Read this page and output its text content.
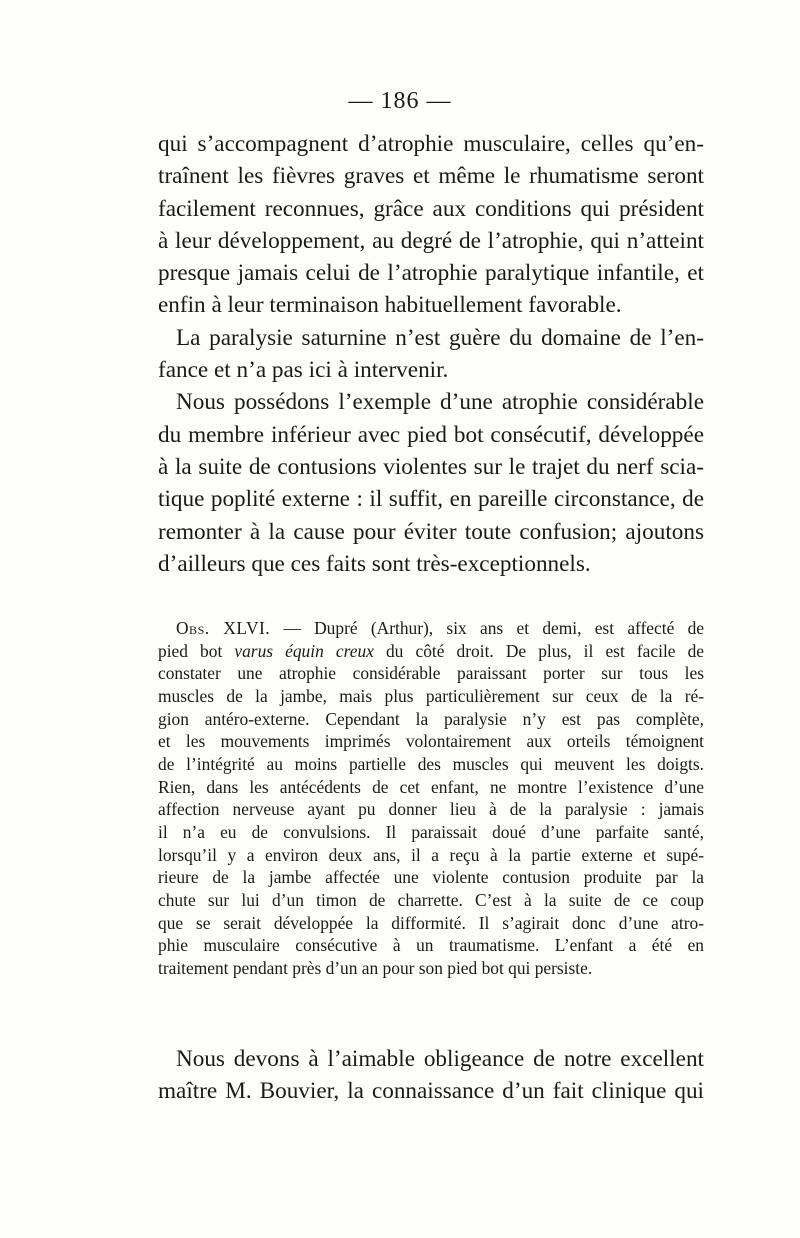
— 186 —

qui s’accompagnent d’atrophie musculaire, celles qu’en-
traînent les fièvres graves et même le rhumatisme seront
facilement reconnues, grâce aux conditions qui président
à leur développement, au degré de l’atrophie, qui n’atteint
presque jamais celui de l’atrophie paralytique infantile, et
enfin à leur terminaison habituellement favorable.
La paralysie saturnine n’est guère du domaine de l’en-
fance et n’a pas ici à intervenir.
Nous possédons l’exemple d’une atrophie considérable
du membre inférieur avec pied bot consécutif, développée
à la suite de contusions violentes sur le trajet du nerf scia-
tique poplité externe : il suffit, en pareille circonstance, de
remonter à la cause pour éviter toute confusion; ajoutons
d’ailleurs que ces faits sont très-exceptionnels.
Obs. XLVI. — Dupré (Arthur), six ans et demi, est affecté de
pied bot varus équin creux du côté droit. De plus, il est facile de
constater une atrophie considérable paraissant porter sur tous les
muscles de la jambe, mais plus particulièrement sur ceux de la ré-
gion antéro-externe. Cependant la paralysie n’y est pas complète,
et les mouvements imprimés volontairement aux orteils témoignent
de l’intégrité au moins partielle des muscles qui meuvent les doigts.
Rien, dans les antécédents de cet enfant, ne montre l’existence d’une
affection nerveuse ayant pu donner lieu à de la paralysie : jamais
il n’a eu de convulsions. Il paraissait doué d’une parfaite santé,
lorsqu’il y a environ deux ans, il a reçu à la partie externe et supé-
rieure de la jambe affectée une violente contusion produite par la
chute sur lui d’un timon de charrette. C’est à la suite de ce coup
que se serait développée la difformité. Il s’agirait donc d’une atro-
phie musculaire consécutive à un traumatisme. L’enfant a été en
traitement pendant près d’un an pour son pied bot qui persiste.
Nous devons à l’aimable obligeance de notre excellent
maître M. Bouvier, la connaissance d’un fait clinique qui
